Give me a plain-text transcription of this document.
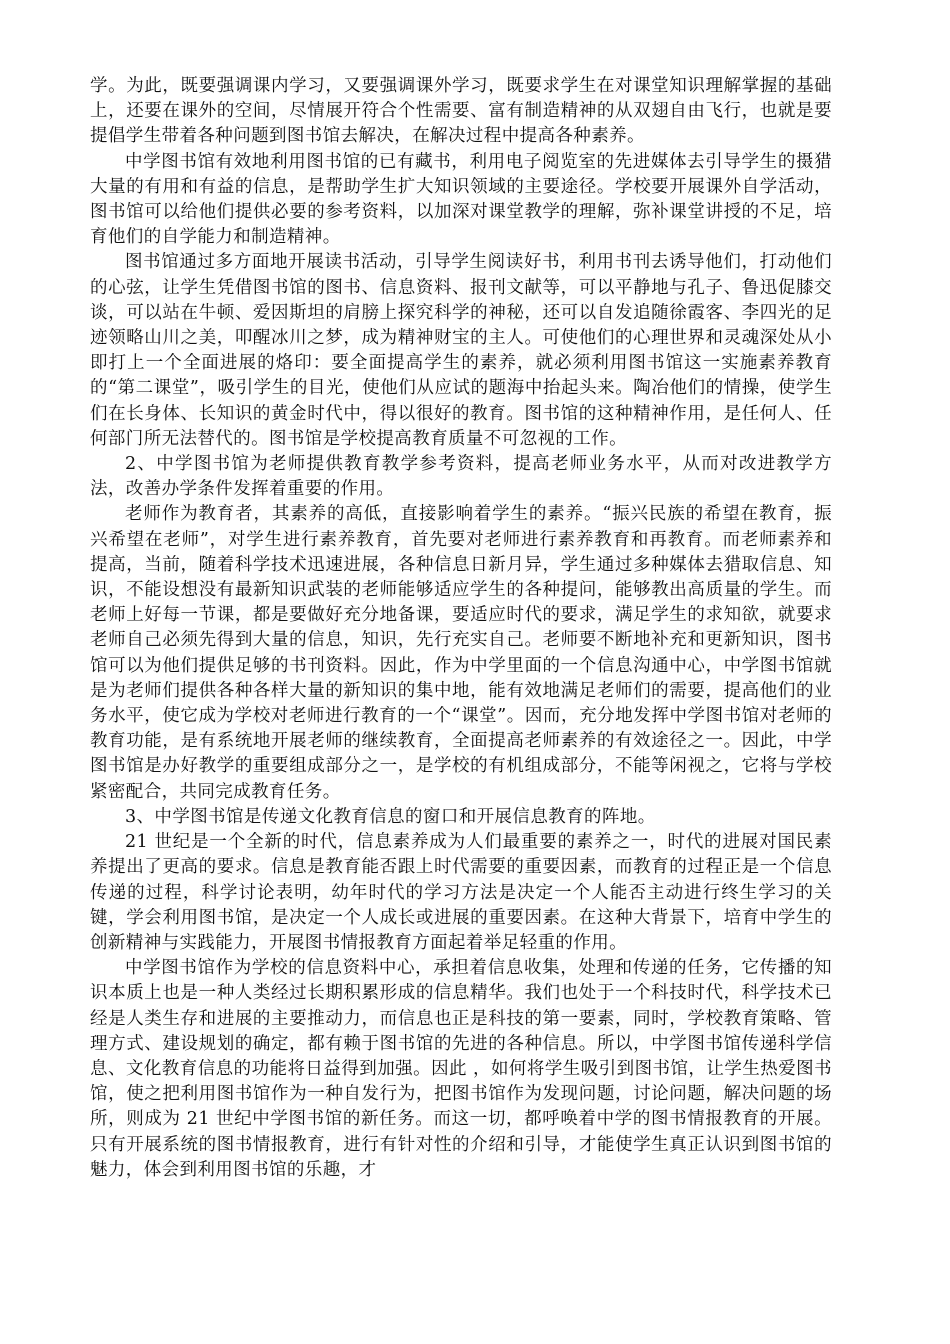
学。为此，既要强调课内学习，又要强调课外学习，既要求学生在对课堂知识理解掌握的基础上，还要在课外的空间，尽情展开符合个性需要、富有制造精神的从双翅自由飞行，也就是要提倡学生带着各种问题到图书馆去解决，在解决过程中提高各种素养。

中学图书馆有效地利用图书馆的已有藏书，利用电子阅览室的先进媒体去引导学生的摄猎大量的有用和有益的信息，是帮助学生扩大知识领域的主要途径。学校要开展课外自学活动，图书馆可以给他们提供必要的参考资料，以加深对课堂教学的理解，弥补课堂讲授的不足，培育他们的自学能力和制造精神。

图书馆通过多方面地开展读书活动，引导学生阅读好书，利用书刊去诱导他们，打动他们的心弦，让学生凭借图书馆的图书、信息资料、报刊文献等，可以平静地与孔子、鲁迅促膝交谈，可以站在牛顿、爱因斯坦的肩膀上探究科学的神秘，还可以自发追随徐霞客、李四光的足迹领略山川之美，叩醒冰川之梦，成为精神财宝的主人。可使他们的心理世界和灵魂深处从小即打上一个全面进展的烙印：要全面提高学生的素养，就必须利用图书馆这一实施素养教育的“第二课堂”，吸引学生的目光，使他们从应试的题海中抬起头来。陶冶他们的情操，使学生们在长身体、长知识的黄金时代中，得以很好的教育。图书馆的这种精神作用，是任何人、任何部门所无法替代的。图书馆是学校提高教育质量不可忽视的工作。

2、中学图书馆为老师提供教育教学参考资料，提高老师业务水平，从而对改进教学方法，改善办学条件发挥着重要的作用。

老师作为教育者，其素养的高低，直接影响着学生的素养。“振兴民族的希望在教育，振兴希望在老师”，对学生进行素养教育，首先要对老师进行素养教育和再教育。而老师素养和提高，当前，随着科学技术迅速进展，各种信息日新月异，学生通过多种媒体去猎取信息、知识，不能设想没有最新知识武装的老师能够适应学生的各种提问，能够教出高质量的学生。而老师上好每一节课，都是要做好充分地备课，要适应时代的要求，满足学生的求知欲，就要求老师自己必须先得到大量的信息，知识，先行充实自己。老师要不断地补充和更新知识，图书馆可以为他们提供足够的书刊资料。因此，作为中学里面的一个信息沟通中心，中学图书馆就是为老师们提供各种各样大量的新知识的集中地，能有效地满足老师们的需要，提高他们的业务水平，使它成为学校对老师进行教育的一个“课堂”。因而，充分地发挥中学图书馆对老师的教育功能，是有系统地开展老师的继续教育，全面提高老师素养的有效途径之一。因此，中学图书馆是办好教学的重要组成部分之一，是学校的有机组成部分，不能等闲视之，它将与学校紧密配合，共同完成教育任务。

3、中学图书馆是传递文化教育信息的窗口和开展信息教育的阵地。

21 世纪是一个全新的时代，信息素养成为人们最重要的素养之一，时代的进展对国民素养提出了更高的要求。信息是教育能否跟上时代需要的重要因素，而教育的过程正是一个信息传递的过程，科学讨论表明，幼年时代的学习方法是决定一个人能否主动进行终生学习的关键，学会利用图书馆，是决定一个人成长或进展的重要因素。在这种大背景下，培育中学生的创新精神与实践能力，开展图书情报教育方面起着举足轻重的作用。

中学图书馆作为学校的信息资料中心，承担着信息收集，处理和传递的任务，它传播的知识本质上也是一种人类经过长期积累形成的信息精华。我们也处于一个科技时代，科学技术已经是人类生存和进展的主要推动力，而信息也正是科技的第一要素，同时，学校教育策略、管理方式、建设规划的确定，都有赖于图书馆的先进的各种信息。所以，中学图书馆传递科学信息、文化教育信息的功能将日益得到加强。因此 ，如何将学生吸引到图书馆，让学生热爱图书馆，使之把利用图书馆作为一种自发行为，把图书馆作为发现问题，讨论问题，解决问题的场所，则成为 21 世纪中学图书馆的新任务。而这一切，都呼唤着中学的图书情报教育的开展。只有开展系统的图书情报教育，进行有针对性的介绍和引导，才能使学生真正认识到图书馆的魅力，体会到利用图书馆的乐趣，才
